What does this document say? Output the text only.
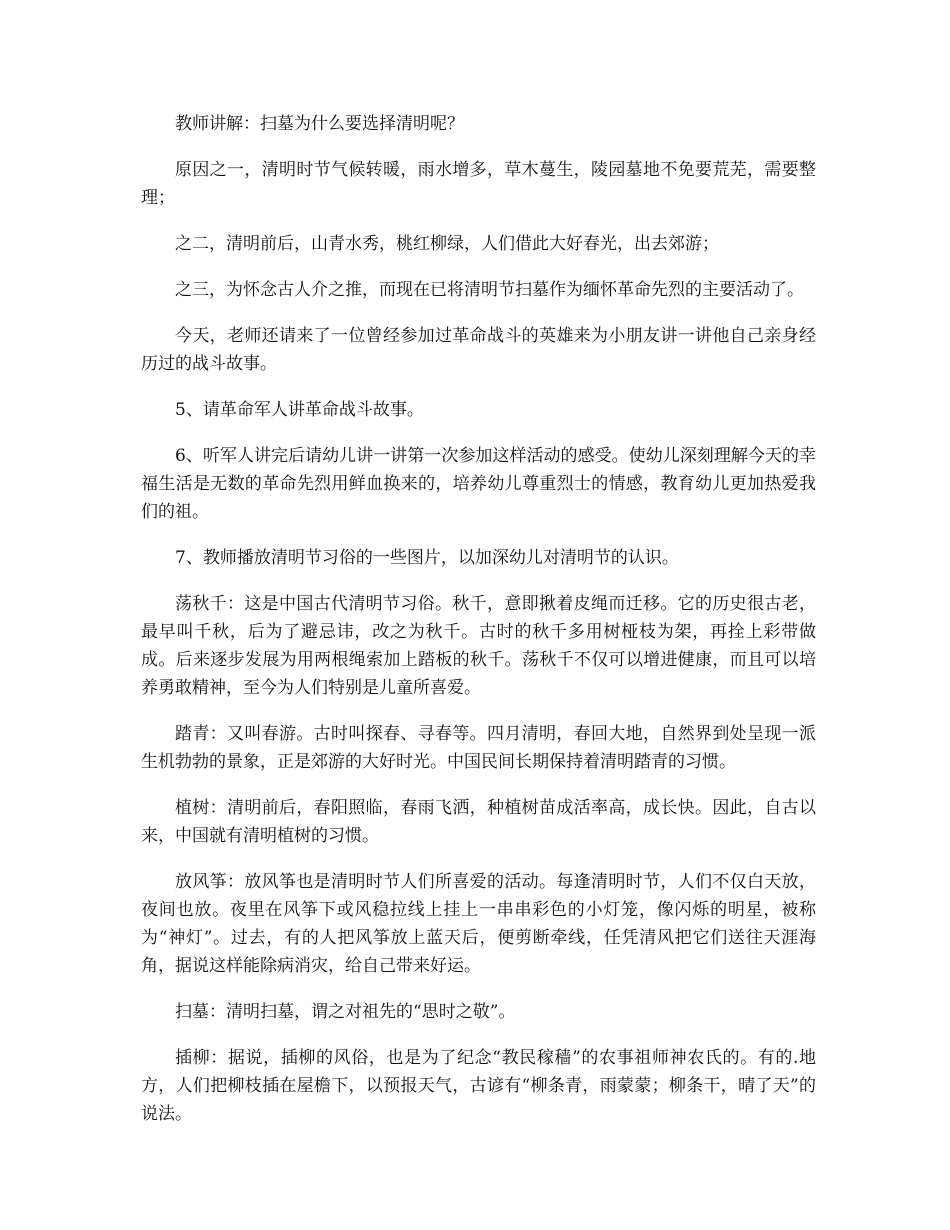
教师讲解：扫墓为什么要选择清明呢？

原因之一，清明时节气候转暖，雨水增多，草木蔓生，陵园墓地不免要荒芜，需要整理；

之二，清明前后，山青水秀，桃红柳绿，人们借此大好春光，出去郊游；

之三，为怀念古人介之推，而现在已将清明节扫墓作为缅怀革命先烈的主要活动了。

今天，老师还请来了一位曾经参加过革命战斗的英雄来为小朋友讲一讲他自己亲身经历过的战斗故事。

5、请革命军人讲革命战斗故事。

6、听军人讲完后请幼儿讲一讲第一次参加这样活动的感受。使幼儿深刻理解今天的幸福生活是无数的革命先烈用鲜血换来的，培养幼儿尊重烈士的情感，教育幼儿更加热爱我们的祖。

7、教师播放清明节习俗的一些图片，以加深幼儿对清明节的认识。

荡秋千：这是中国古代清明节习俗。秋千，意即揪着皮绳而迁移。它的历史很古老，最早叫千秋，后为了避忌讳，改之为秋千。古时的秋千多用树桠枝为架，再拴上彩带做成。后来逐步发展为用两根绳索加上踏板的秋千。荡秋千不仅可以增进健康，而且可以培养勇敢精神，至今为人们特别是儿童所喜爱。

踏青：又叫春游。古时叫探春、寻春等。四月清明，春回大地，自然界到处呈现一派生机勃勃的景象，正是郊游的大好时光。中国民间长期保持着清明踏青的习惯。

植树：清明前后，春阳照临，春雨飞洒，种植树苗成活率高，成长快。因此，自古以来，中国就有清明植树的习惯。

放风筝：放风筝也是清明时节人们所喜爱的活动。每逢清明时节，人们不仅白天放，夜间也放。夜里在风筝下或风稳拉线上挂上一串串彩色的小灯笼，像闪烁的明星，被称为“神灯”。过去，有的人把风筝放上蓝天后，便剪断牵线，任凭清风把它们送往天涯海角，据说这样能除病消灾，给自己带来好运。

扫墓：清明扫墓，谓之对祖先的“思时之敬”。

插柳：据说，插柳的风俗，也是为了纪念“教民稼穑”的农事祖师神农氏的。有的.地方，人们把柳枝插在屋檐下，以预报天气，古谚有“柳条青，雨蒙蒙；柳条干，晴了天”的说法。
